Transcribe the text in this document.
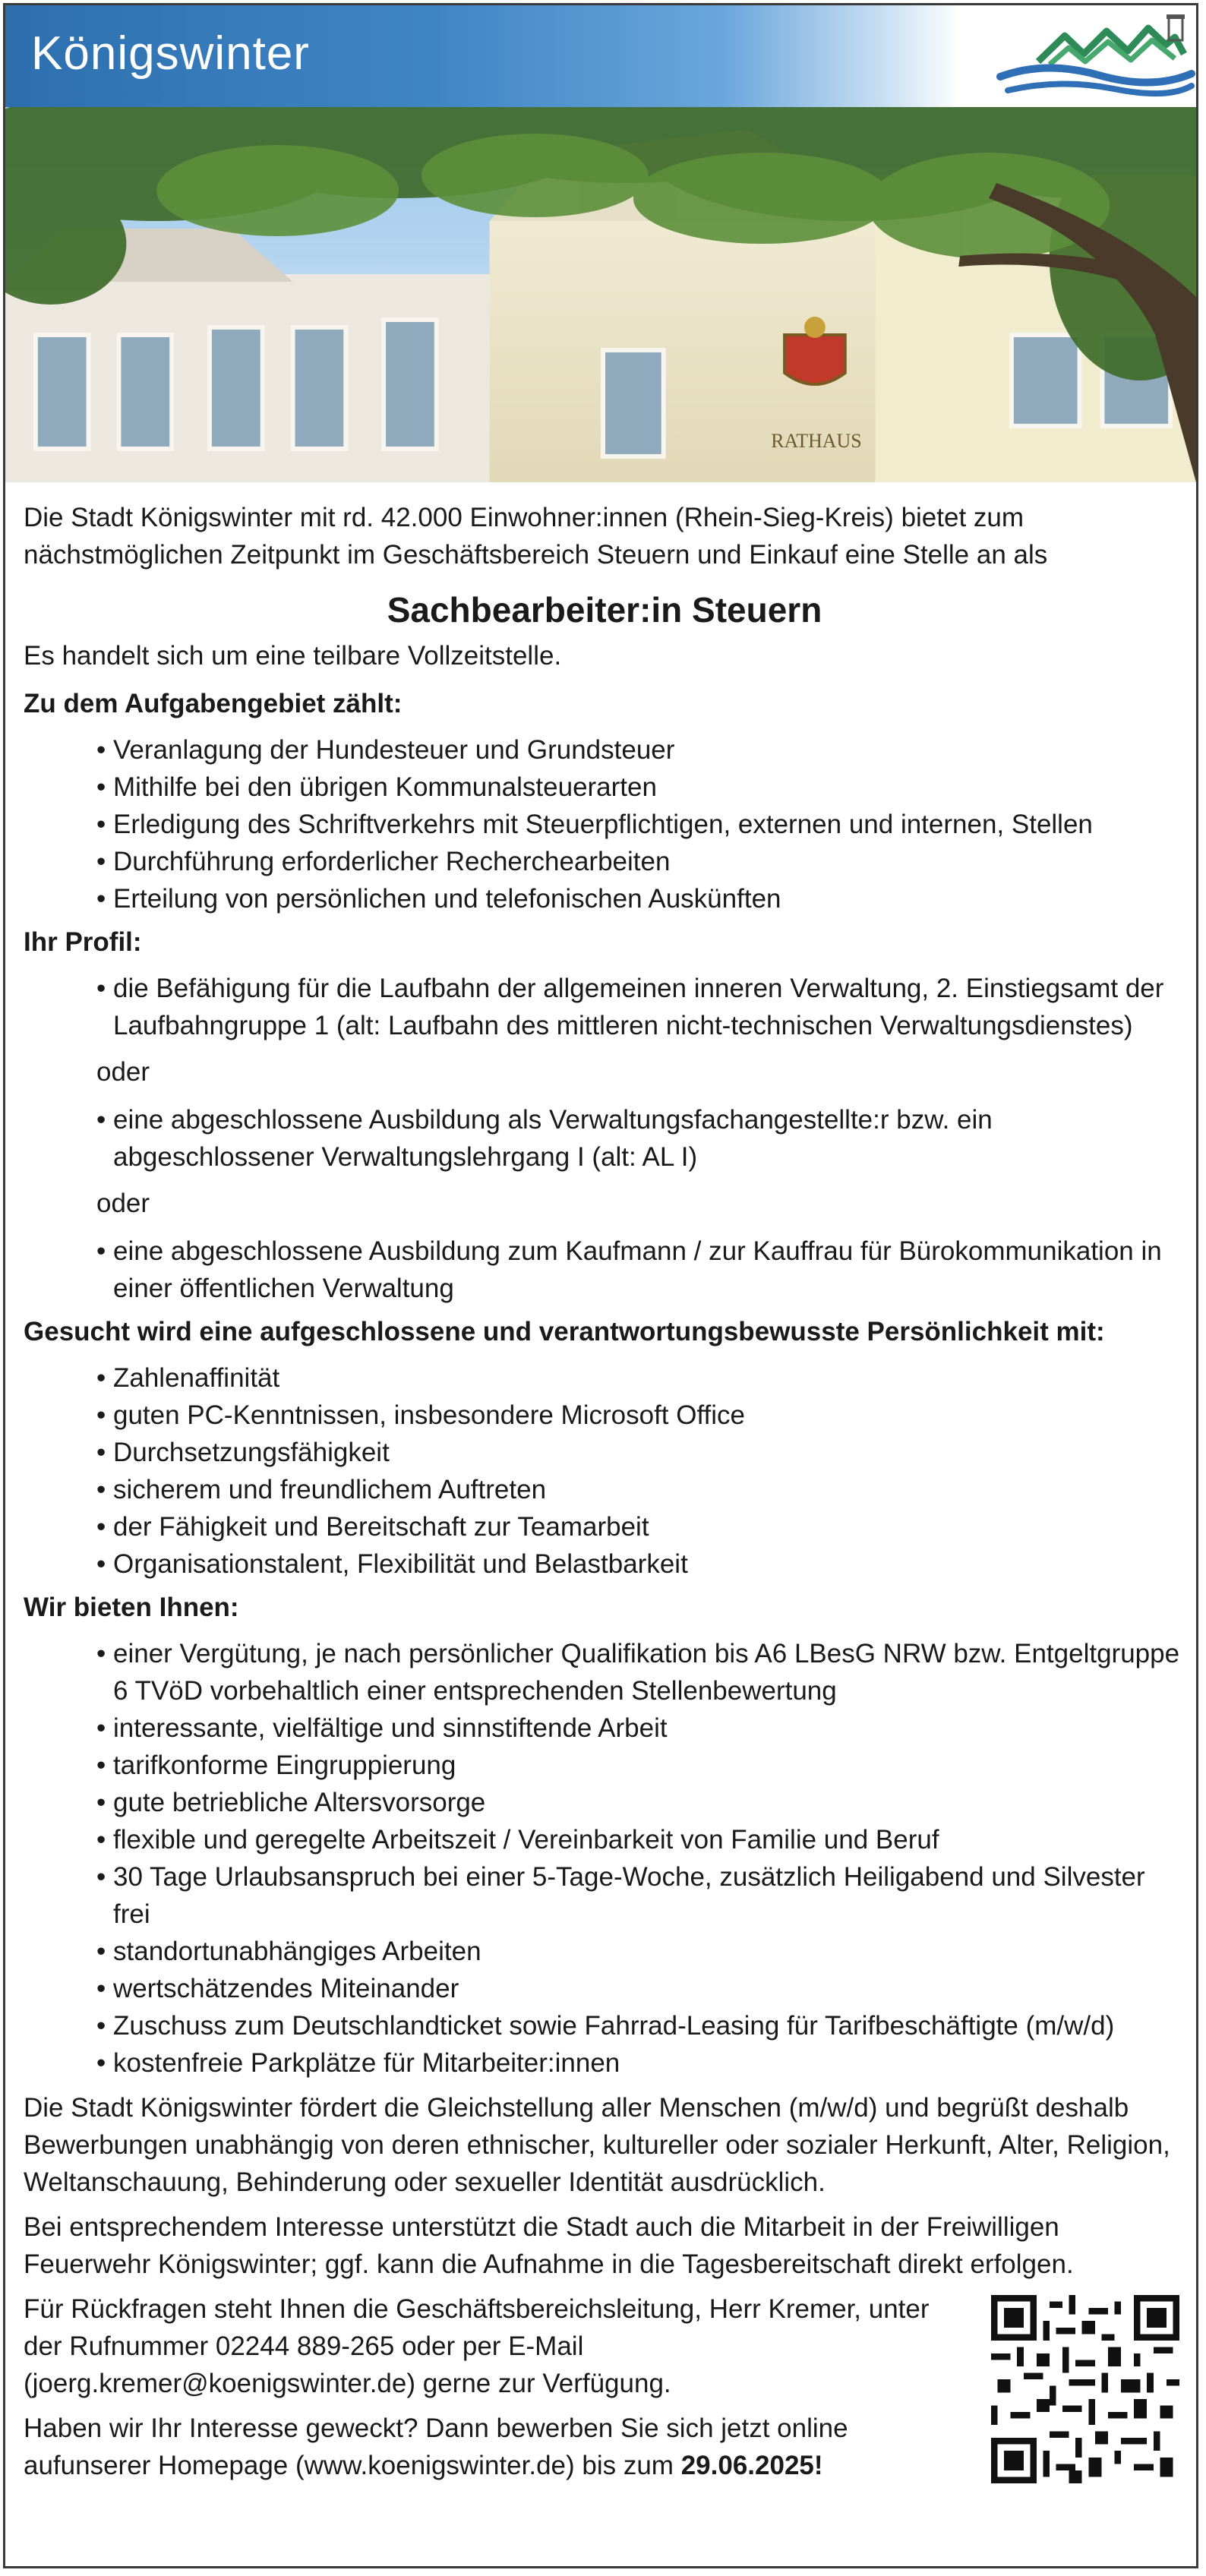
Königswinter
RATHAUS

Die Stadt Königswinter mit rd. 42.000 Einwohner:innen (Rhein-Sieg-Kreis) bietet zum nächstmöglichen Zeitpunkt im Geschäftsbereich Steuern und Einkauf eine Stelle an als

Sachbearbeiter:in Steuern

Es handelt sich um eine teilbare Vollzeitstelle.

Zu dem Aufgabengebiet zählt:

• Veranlagung der Hundesteuer und Grundsteuer
• Mithilfe bei den übrigen Kommunalsteuerarten
• Erledigung des Schriftverkehrs mit Steuerpflichtigen, externen und internen, Stellen
• Durchführung erforderlicher Recherchearbeiten
• Erteilung von persönlichen und telefonischen Auskünften

Ihr Profil:

• die Befähigung für die Laufbahn der allgemeinen inneren Verwaltung, 2. Einstiegsamt der Laufbahngruppe 1 (alt: Laufbahn des mittleren nicht-technischen Verwaltungsdienstes)

oder

• eine abgeschlossene Ausbildung als Verwaltungsfachangestellte:r bzw. ein abgeschlossener Verwaltungslehrgang I (alt: AL I)

oder

• eine abgeschlossene Ausbildung zum Kaufmann / zur Kauffrau für Bürokommunikation in einer öffentlichen Verwaltung

Gesucht wird eine aufgeschlossene und verantwortungsbewusste Persönlichkeit mit:

• Zahlenaffinität
• guten PC-Kenntnissen, insbesondere Microsoft Office
• Durchsetzungsfähigkeit
• sicherem und freundlichem Auftreten
• der Fähigkeit und Bereitschaft zur Teamarbeit
• Organisationstalent, Flexibilität und Belastbarkeit

Wir bieten Ihnen:

• einer Vergütung, je nach persönlicher Qualifikation bis A6 LBesG NRW bzw. Entgeltgruppe 6 TVöD vorbehaltlich einer entsprechenden Stellenbewertung
• interessante, vielfältige und sinnstiftende Arbeit
• tarifkonforme Eingruppierung
• gute betriebliche Altersvorsorge
• flexible und geregelte Arbeitszeit / Vereinbarkeit von Familie und Beruf
• 30 Tage Urlaubsanspruch bei einer 5-Tage-Woche, zusätzlich Heiligabend und Silvester frei
• standortunabhängiges Arbeiten
• wertschätzendes Miteinander
• Zuschuss zum Deutschlandticket sowie Fahrrad-Leasing für Tarifbeschäftigte (m/w/d)
• kostenfreie Parkplätze für Mitarbeiter:innen

Die Stadt Königswinter fördert die Gleichstellung aller Menschen (m/w/d) und begrüßt deshalb Bewerbungen unabhängig von deren ethnischer, kultureller oder sozialer Herkunft, Alter, Religion, Weltanschauung, Behinderung oder sexueller Identität ausdrücklich.

Bei entsprechendem Interesse unterstützt die Stadt auch die Mitarbeit in der Freiwilligen Feuerwehr Königswinter; ggf. kann die Aufnahme in die Tagesbereitschaft direkt erfolgen.

Für Rückfragen steht Ihnen die Geschäftsbereichsleitung, Herr Kremer, unter der Rufnummer 02244 889-265 oder per E-Mail (joerg.kremer@koenigswinter.de) gerne zur Verfügung.

Haben wir Ihr Interesse geweckt? Dann bewerben Sie sich jetzt online aufunserer Homepage (www.koenigswinter.de) bis zum 29.06.2025!
